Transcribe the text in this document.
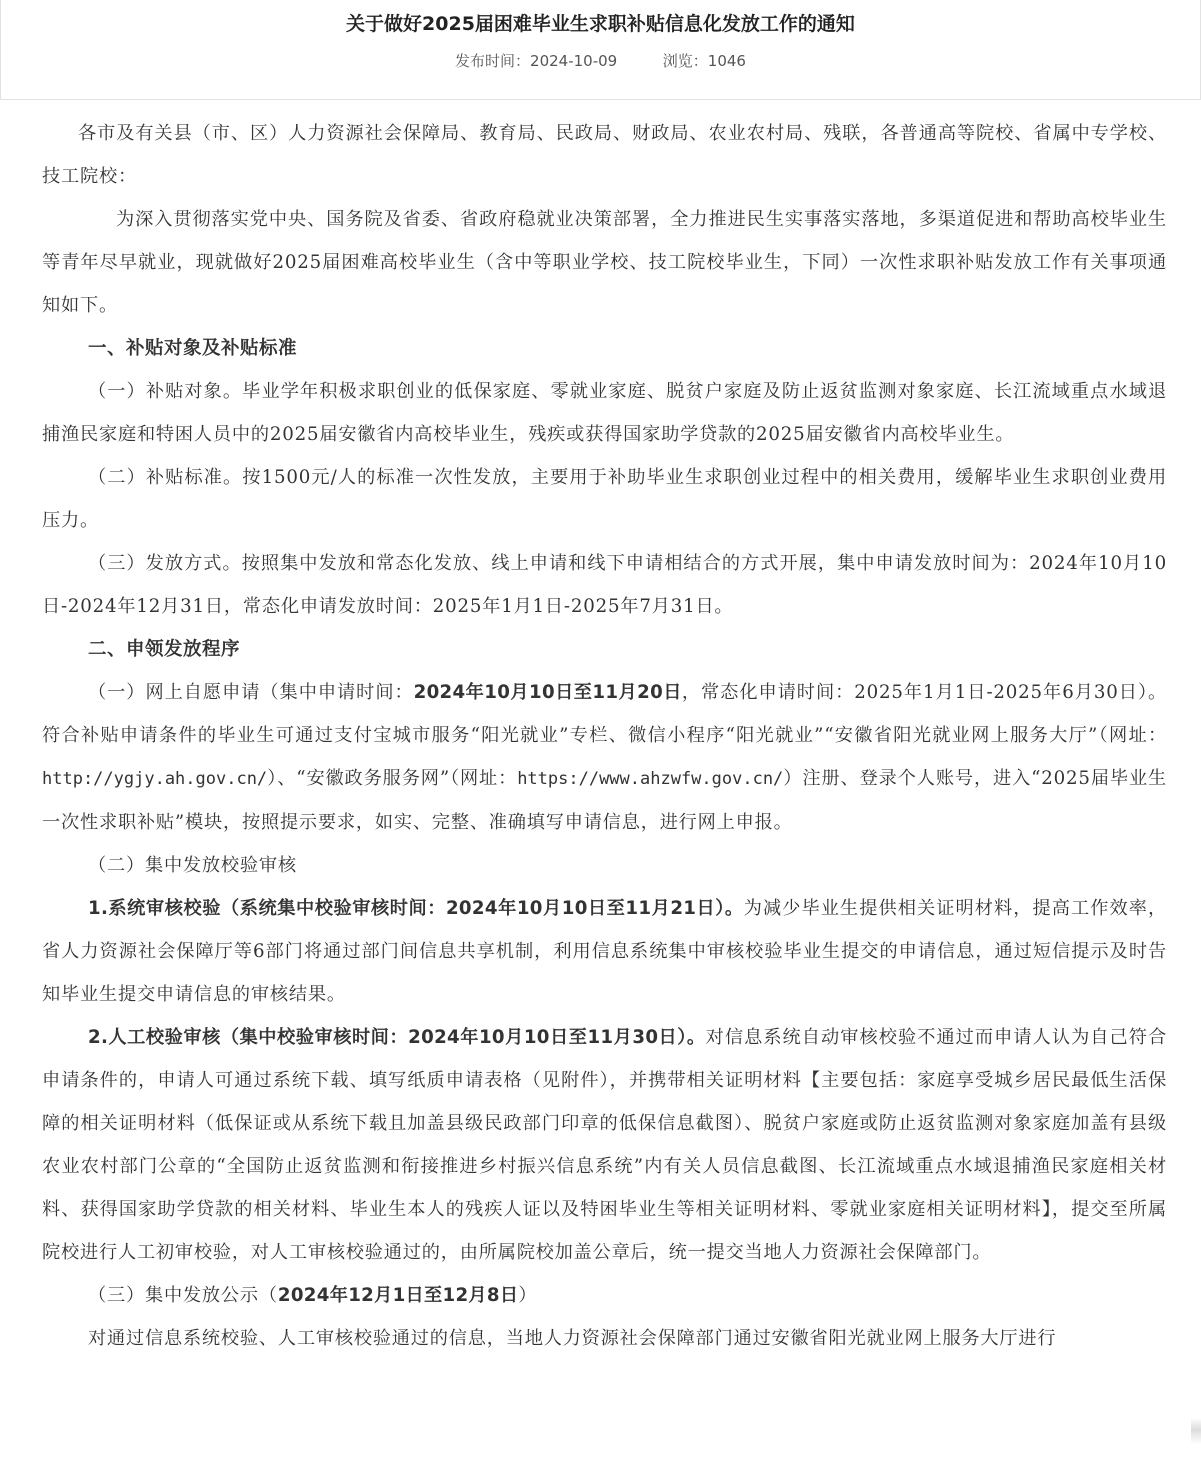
关于做好2025届困难毕业生求职补贴信息化发放工作的通知
发布时间：2024-10-09	浏览：1046

各市及有关县（市、区）人力资源社会保障局、教育局、民政局、财政局、农业农村局、残联，各普通高等院校、省属中专学校、技工院校：

为深入贯彻落实党中央、国务院及省委、省政府稳就业决策部署，全力推进民生实事落实落地，多渠道促进和帮助高校毕业生等青年尽早就业，现就做好2025届困难高校毕业生（含中等职业学校、技工院校毕业生，下同）一次性求职补贴发放工作有关事项通知如下。

一、补贴对象及补贴标准

（一）补贴对象。毕业学年积极求职创业的低保家庭、零就业家庭、脱贫户家庭及防止返贫监测对象家庭、长江流域重点水域退捕渔民家庭和特困人员中的2025届安徽省内高校毕业生，残疾或获得国家助学贷款的2025届安徽省内高校毕业生。

（二）补贴标准。按1500元/人的标准一次性发放，主要用于补助毕业生求职创业过程中的相关费用，缓解毕业生求职创业费用压力。

（三）发放方式。按照集中发放和常态化发放、线上申请和线下申请相结合的方式开展，集中申请发放时间为：2024年10月10日-2024年12月31日，常态化申请发放时间：2025年1月1日-2025年7月31日。

二、申领发放程序

（一）网上自愿申请（集中申请时间：2024年10月10日至11月20日，常态化申请时间：2025年1月1日-2025年6月30日）。符合补贴申请条件的毕业生可通过支付宝城市服务“阳光就业”专栏、微信小程序“阳光就业”“安徽省阳光就业网上服务大厅”（网址：http://ygjy.ah.gov.cn/）、“安徽政务服务网”（网址：https://www.ahzwfw.gov.cn/）注册、登录个人账号，进入“2025届毕业生一次性求职补贴”模块，按照提示要求，如实、完整、准确填写申请信息，进行网上申报。

（二）集中发放校验审核

1.系统审核校验（系统集中校验审核时间：2024年10月10日至11月21日）。为减少毕业生提供相关证明材料，提高工作效率，省人力资源社会保障厅等6部门将通过部门间信息共享机制，利用信息系统集中审核校验毕业生提交的申请信息，通过短信提示及时告知毕业生提交申请信息的审核结果。

2.人工校验审核（集中校验审核时间：2024年10月10日至11月30日）。对信息系统自动审核校验不通过而申请人认为自己符合申请条件的，申请人可通过系统下载、填写纸质申请表格（见附件），并携带相关证明材料【主要包括：家庭享受城乡居民最低生活保障的相关证明材料（低保证或从系统下载且加盖县级民政部门印章的低保信息截图）、脱贫户家庭或防止返贫监测对象家庭加盖有县级农业农村部门公章的“全国防止返贫监测和衔接推进乡村振兴信息系统”内有关人员信息截图、长江流域重点水域退捕渔民家庭相关材料、获得国家助学贷款的相关材料、毕业生本人的残疾人证以及特困毕业生等相关证明材料、零就业家庭相关证明材料】，提交至所属院校进行人工初审校验，对人工审核校验通过的，由所属院校加盖公章后，统一提交当地人力资源社会保障部门。

（三）集中发放公示（2024年12月1日至12月8日）

对通过信息系统校验、人工审核校验通过的信息，当地人力资源社会保障部门通过安徽省阳光就业网上服务大厅进行
